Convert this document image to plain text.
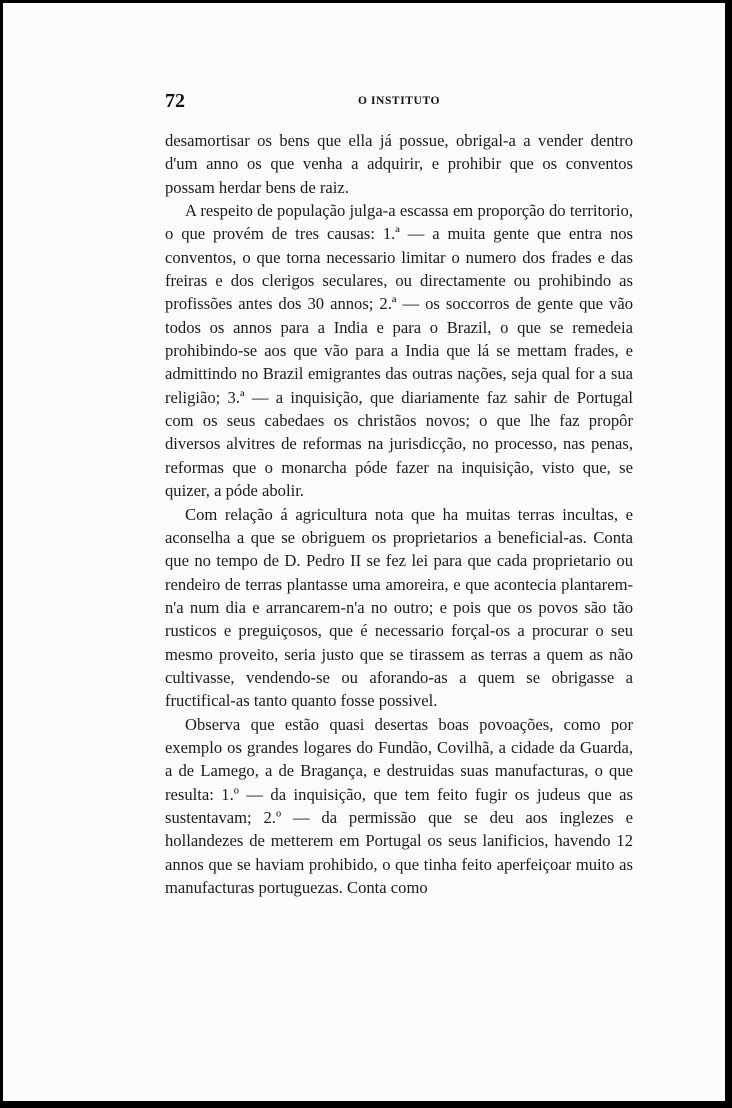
72	O INSTITUTO

desamortisar os bens que ella já possue, obrigal-a a vender dentro d'um anno os que venha a adquirir, e prohibir que os conventos possam herdar bens de raiz.

A respeito de população julga-a escassa em proporção do territorio, o que provém de tres causas: 1.ª — a muita gente que entra nos conventos, o que torna necessario limitar o numero dos frades e das freiras e dos clerigos seculares, ou directamente ou prohibindo as profissões antes dos 30 annos; 2.ª — os soccorros de gente que vão todos os annos para a India e para o Brazil, o que se remedeia prohibindo-se aos que vão para a India que lá se mettam frades, e admittindo no Brazil emigrantes das outras nações, seja qual for a sua religião; 3.ª — a inquisição, que diariamente faz sahir de Portugal com os seus cabedaes os christãos novos; o que lhe faz propôr diversos alvitres de reformas na jurisdicção, no processo, nas penas, reformas que o monarcha póde fazer na inquisição, visto que, se quizer, a póde abolir.

Com relação á agricultura nota que ha muitas terras incultas, e aconselha a que se obriguem os proprietarios a beneficial-as. Conta que no tempo de D. Pedro II se fez lei para que cada proprietario ou rendeiro de terras plantasse uma amoreira, e que acontecia plantarem-n'a num dia e arrancarem-n'a no outro; e pois que os povos são tão rusticos e preguiçosos, que é necessario forçal-os a procurar o seu mesmo proveito, seria justo que se tirassem as terras a quem as não cultivasse, vendendo-se ou aforando-as a quem se obrigasse a fructifical-as tanto quanto fosse possivel.

Observa que estão quasi desertas boas povoações, como por exemplo os grandes logares do Fundão, Covilhã, a cidade da Guarda, a de Lamego, a de Bragança, e destruidas suas manufacturas, o que resulta: 1.º — da inquisição, que tem feito fugir os judeus que as sustentavam; 2.º — da permissão que se deu aos inglezes e hollandezes de metterem em Portugal os seus lanificios, havendo 12 annos que se haviam prohibido, o que tinha feito aperfeiçoar muito as manufacturas portuguezas. Conta como
